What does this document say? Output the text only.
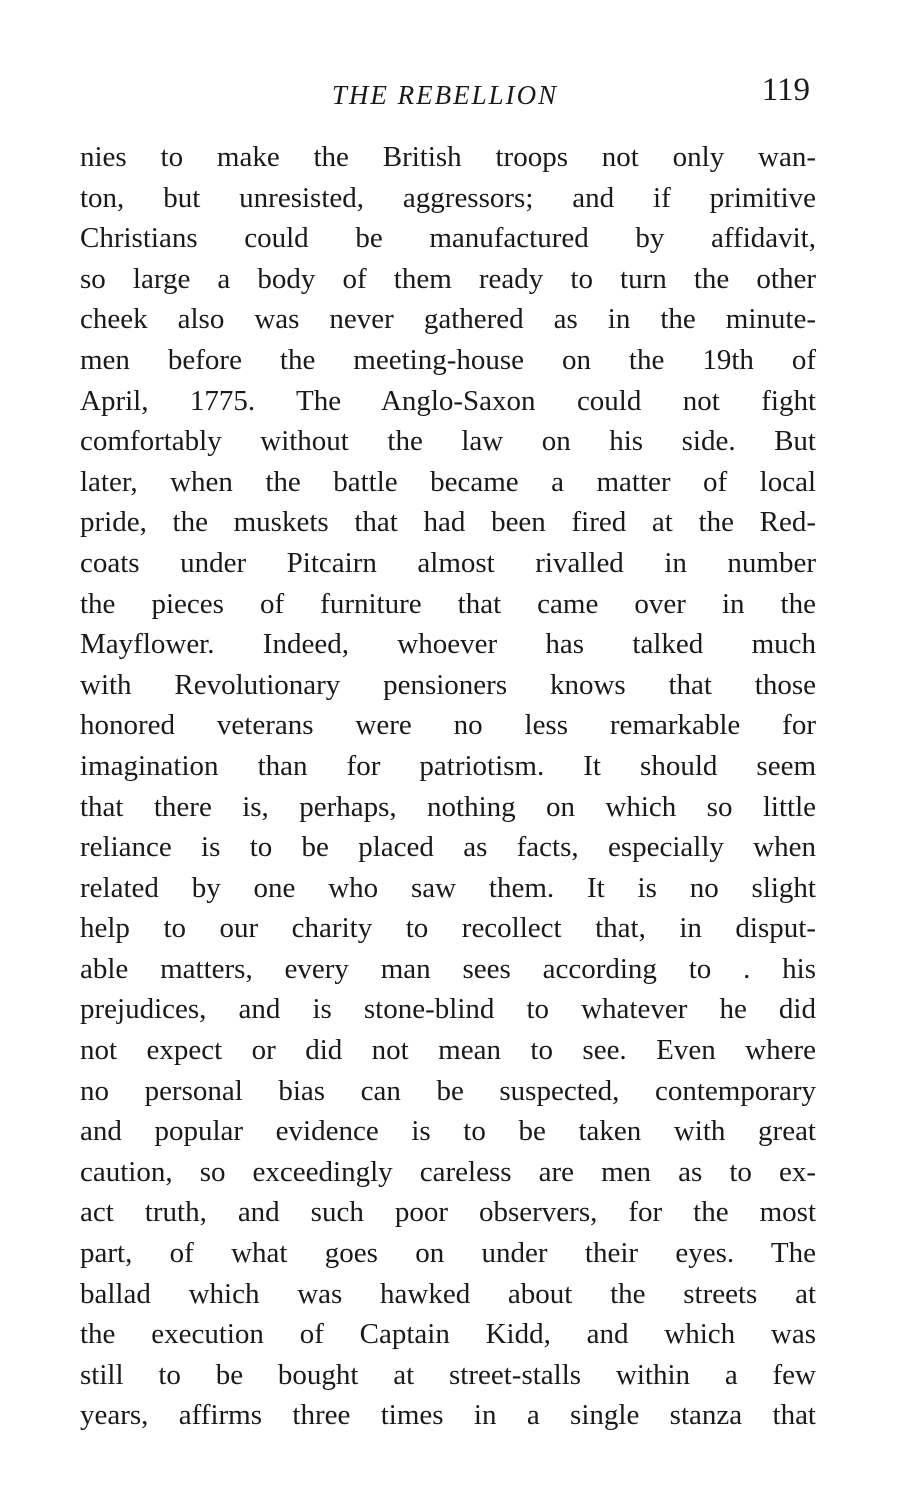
THE REBELLION	119
nies to make the British troops not only wan-
ton, but unresisted, aggressors; and if primitive
Christians could be manufactured by affidavit,
so large a body of them ready to turn the other
cheek also was never gathered as in the minute-
men before the meeting-house on the 19th of
April, 1775. The Anglo-Saxon could not fight
comfortably without the law on his side. But
later, when the battle became a matter of local
pride, the muskets that had been fired at the Red-
coats under Pitcairn almost rivalled in number
the pieces of furniture that came over in the
Mayflower. Indeed, whoever has talked much
with Revolutionary pensioners knows that those
honored veterans were no less remarkable for
imagination than for patriotism. It should seem
that there is, perhaps, nothing on which so little
reliance is to be placed as facts, especially when
related by one who saw them. It is no slight
help to our charity to recollect that, in disput-
able matters, every man sees according to . his
prejudices, and is stone-blind to whatever he did
not expect or did not mean to see. Even where
no personal bias can be suspected, contemporary
and popular evidence is to be taken with great
caution, so exceedingly careless are men as to ex-
act truth, and such poor observers, for the most
part, of what goes on under their eyes. The
ballad which was hawked about the streets at
the execution of Captain Kidd, and which was
still to be bought at street-stalls within a few
years, affirms three times in a single stanza that
